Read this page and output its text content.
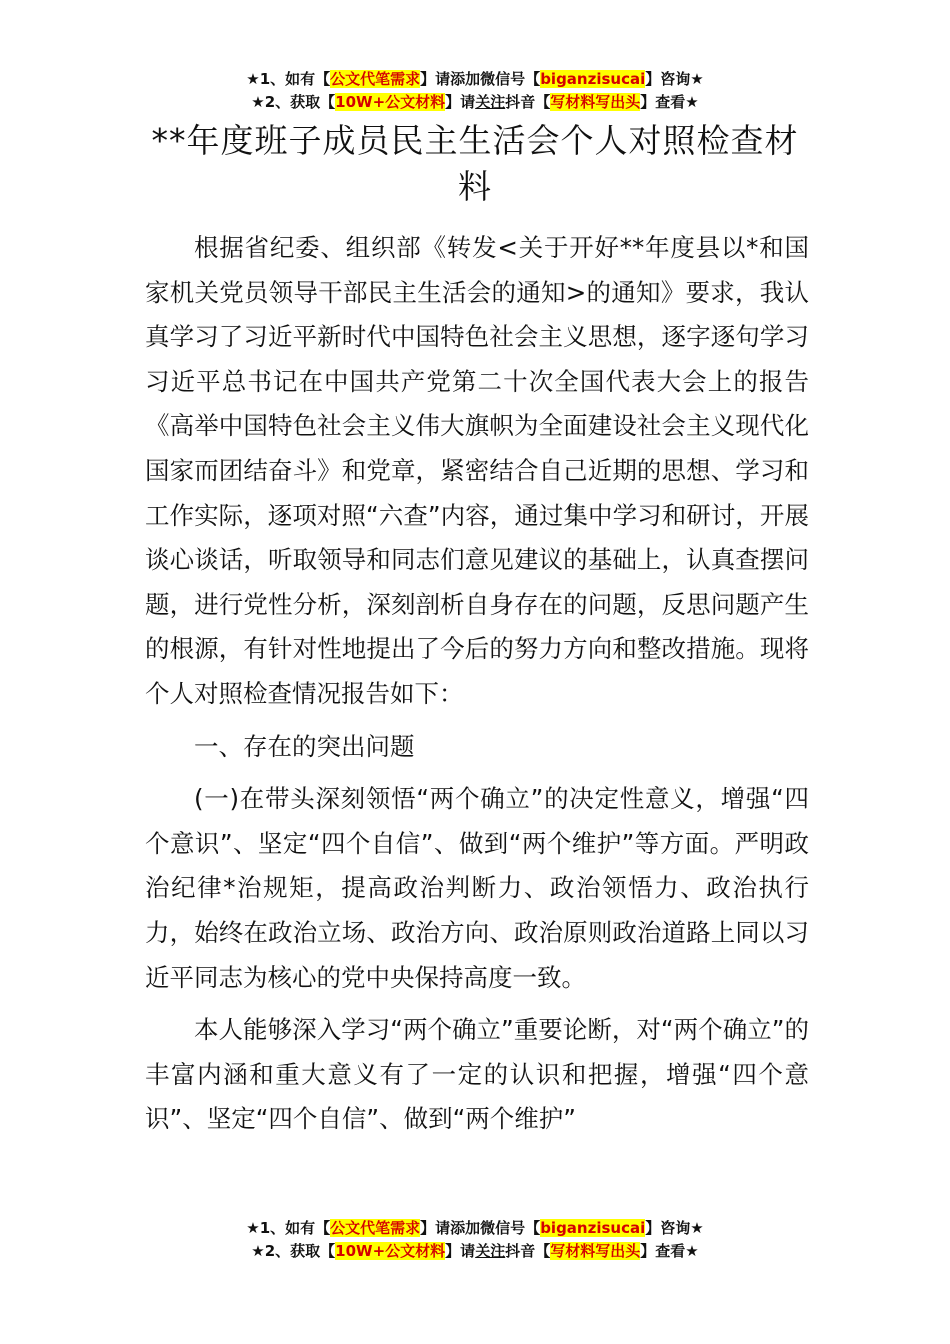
★1、如有【公文代笔需求】请添加微信号【biganzisucai】咨询★
★2、获取【10W+公文材料】请关注抖音【写材料写出头】查看★
**年度班子成员民主生活会个人对照检查材料

根据省纪委、组织部《转发<关于开好**年度县以*和国家机关党员领导干部民主生活会的通知>的通知》要求，我认真学习了习近平新时代中国特色社会主义思想，逐字逐句学习习近平总书记在中国共产党第二十次全国代表大会上的报告《高举中国特色社会主义伟大旗帜为全面建设社会主义现代化国家而团结奋斗》和党章，紧密结合自己近期的思想、学习和工作实际，逐项对照“六查”内容，通过集中学习和研讨，开展谈心谈话，听取领导和同志们意见建议的基础上，认真查摆问题，进行党性分析，深刻剖析自身存在的问题，反思问题产生的根源，有针对性地提出了今后的努力方向和整改措施。现将个人对照检查情况报告如下：

一、存在的突出问题

(一)在带头深刻领悟“两个确立”的决定性意义，增强“四个意识”、坚定“四个自信”、做到“两个维护”等方面。严明政治纪律*治规矩，提高政治判断力、政治领悟力、政治执行力，始终在政治立场、政治方向、政治原则政治道路上同以习近平同志为核心的党中央保持高度一致。

本人能够深入学习“两个确立”重要论断，对“两个确立”的丰富内涵和重大意义有了一定的认识和把握，增强“四个意识”、坚定“四个自信”、做到“两个维护”

★1、如有【公文代笔需求】请添加微信号【biganzisucai】咨询★
★2、获取【10W+公文材料】请关注抖音【写材料写出头】查看★
